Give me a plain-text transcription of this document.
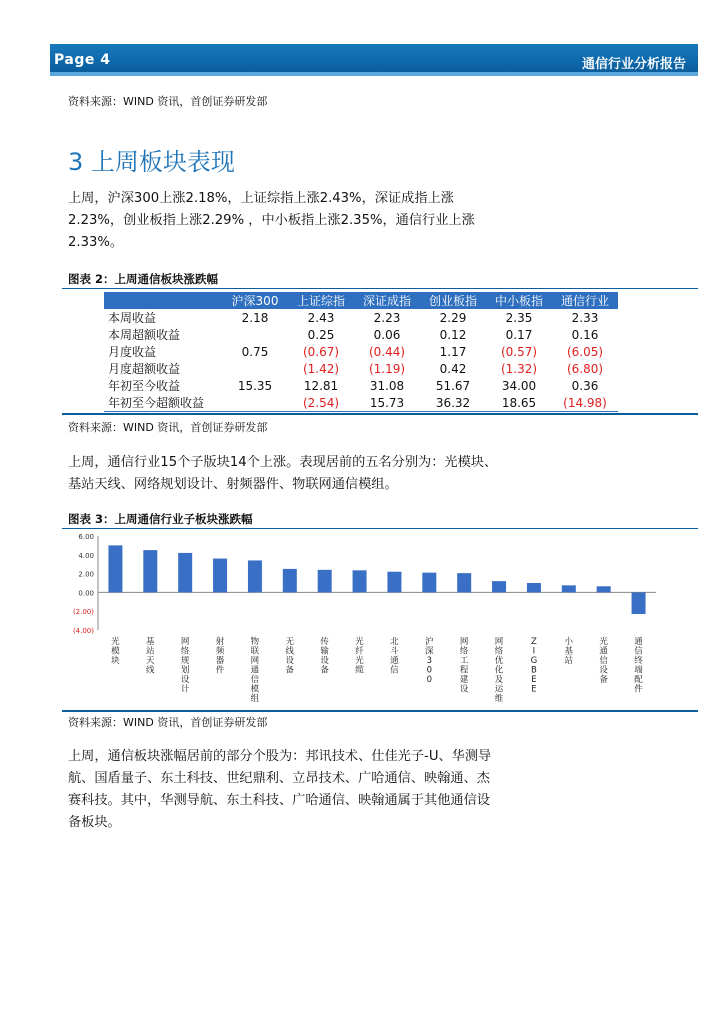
Page 4	通信行业分析报告
资料来源：WIND 资讯，首创证券研发部
3 上周板块表现
上周，沪深300上涨2.18%，上证综指上涨2.43%，深证成指上涨2.23%，创业板指上涨2.29% ，中小板指上涨2.35%，通信行业上涨2.33%。
图表 2：上周通信板块涨跌幅
	沪深300	上证综指	深证成指	创业板指	中小板指	通信行业
本周收益	2.18	2.43	2.23	2.29	2.35	2.33
本周超额收益		0.25	0.06	0.12	0.17	0.16
月度收益	0.75	(0.67)	(0.44)	1.17	(0.57)	(6.05)
月度超额收益		(1.42)	(1.19)	0.42	(1.32)	(6.80)
年初至今收益	15.35	12.81	31.08	51.67	34.00	0.36
年初至今超额收益		(2.54)	15.73	36.32	18.65	(14.98)
资料来源：WIND 资讯，首创证券研发部
上周，通信行业15个子版块14个上涨。表现居前的五名分别为：光模块、基站天线、网络规划设计、射频器件、物联网通信模组。
图表 3：上周通信行业子板块涨跌幅
6.00
4.00
2.00
0.00
(2.00)
(4.00)
光模块
基站天线
网络规划设计
射频器件
物联网通信模组
无线设备
传输设备
光纤光缆
北斗通信
沪深 3 0 0
网络工程建设
网络优化及运维
Z I G B E E
小基站
光通信设备
通信终端配件
资料来源：WIND 资讯，首创证券研发部
上周，通信板块涨幅居前的部分个股为：邦讯技术、仕佳光子-U、华测导航、国盾量子、东土科技、世纪鼎利、立昂技术、广哈通信、映翰通、杰赛科技。其中，华测导航、东土科技、广哈通信、映翰通属于其他通信设备板块。
